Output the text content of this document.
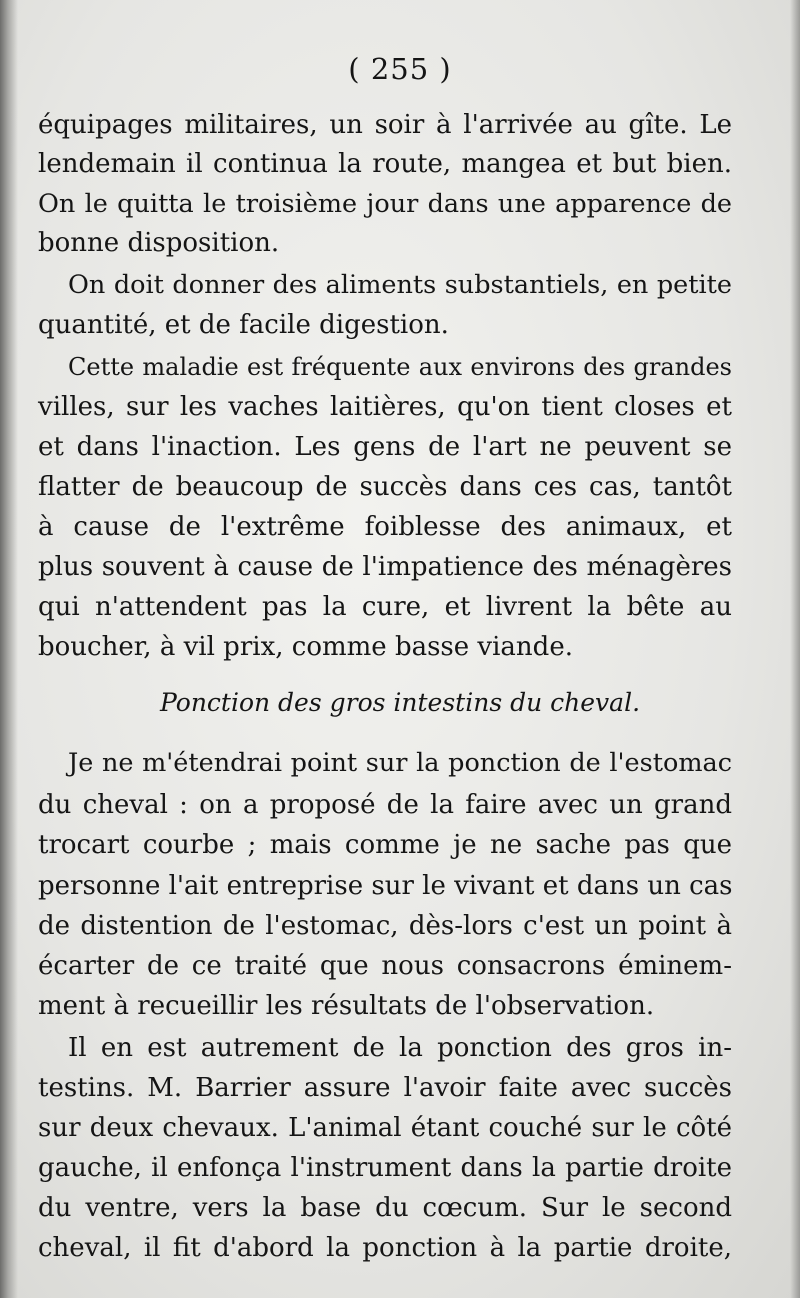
( 255 )
équipages militaires, un soir à l'arrivée au gîte. Le
lendemain il continua la route, mangea et but bien.
On le quitta le troisième jour dans une apparence de
bonne disposition.
On doit donner des aliments substantiels, en petite
quantité, et de facile digestion.
Cette maladie est fréquente aux environs des grandes
villes, sur les vaches laitières, qu'on tient closes et
et dans l'inaction. Les gens de l'art ne peuvent se
flatter de beaucoup de succès dans ces cas, tantôt
à cause de l'extrême foiblesse des animaux, et
plus souvent à cause de l'impatience des ménagères
qui n'attendent pas la cure, et livrent la bête au
boucher, à vil prix, comme basse viande.
Ponction des gros intestins du cheval.
Je ne m'étendrai point sur la ponction de l'estomac
du cheval : on a proposé de la faire avec un grand
trocart courbe ; mais comme je ne sache pas que
personne l'ait entreprise sur le vivant et dans un cas
de distention de l'estomac, dès-lors c'est un point à
écarter de ce traité que nous consacrons éminem-
ment à recueillir les résultats de l'observation.
Il en est autrement de la ponction des gros in-
testins. M. Barrier assure l'avoir faite avec succès
sur deux chevaux. L'animal étant couché sur le côté
gauche, il enfonça l'instrument dans la partie droite
du ventre, vers la base du cœcum. Sur le second
cheval, il fit d'abord la ponction à la partie droite,
